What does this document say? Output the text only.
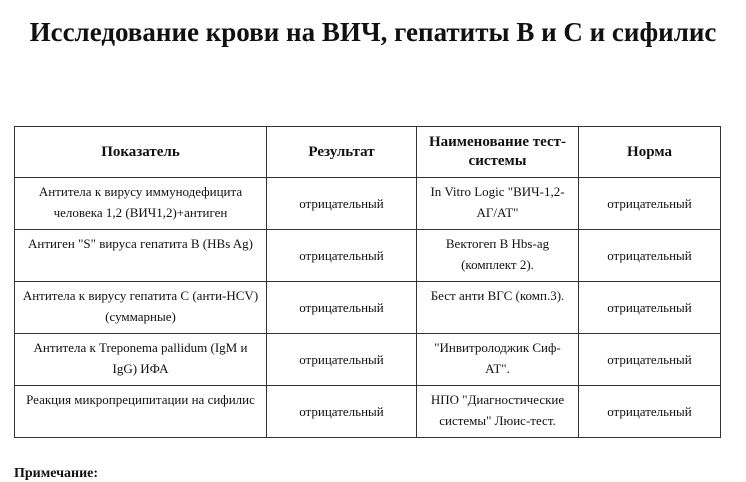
Исследование крови на ВИЧ, гепатиты В и С и сифилис
Показатель	Результат	Наименование тест-системы	Норма
Антитела к вирусу иммунодефицита человека 1,2 (ВИЧ1,2)+антиген	отрицательный	In Vitro Logic "ВИЧ-1,2-АГ/АТ"	отрицательный
Антиген "S" вируса гепатита В (HBs Ag)	отрицательный	Вектогеп В Hbs-ag (комплект 2).	отрицательный
Антитела к вирусу гепатита С (анти-HCV) (суммарные)	отрицательный	Бест анти ВГС (комп.3).	отрицательный
Антитела к Treponema pallidum (IgM и IgG) ИФА	отрицательный	"Инвитролоджик Сиф-АТ".	отрицательный
Реакция микропреципитации на сифилис	отрицательный	НПО "Диагностические системы" Люис-тест.	отрицательный

Примечание:
